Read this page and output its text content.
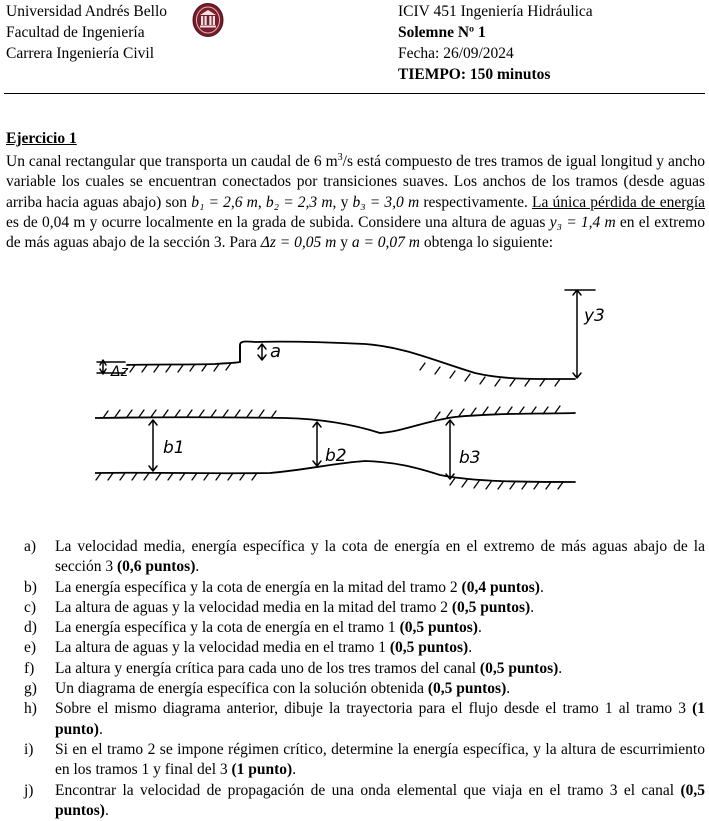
Universidad Andrés Bello
Facultad de Ingeniería
Carrera Ingeniería Civil
ICIV 451 Ingeniería Hidráulica
Solemne Nº 1
Fecha: 26/09/2024
TIEMPO: 150 minutos
Ejercicio 1
Un canal rectangular que transporta un caudal de 6 $m^3/s$ está compuesto de tres tramos de igual longitud y ancho variable los cuales se encuentran conectados por transiciones suaves. Los anchos de los tramos (desde aguas arriba hacia aguas abajo) son b₁ = 2,6 m, b₂ = 2,3 m, y b₃ = 3,0 m respectivamente. La única pérdida de energía es de 0,04 m y ocurre localmente en la grada de subida. Considere una altura de aguas y₃ = 1,4 m en el extremo de más aguas abajo de la sección 3. Para Δz = 0,05 m y a = 0,07 m obtenga lo siguiente:
a
Δz
y3
b1	b2	b3
a) La velocidad media, energía específica y la cota de energía en el extremo de más aguas abajo de la sección 3 (0,6 puntos).
b) La energía específica y la cota de energía en la mitad del tramo 2 (0,4 puntos).
c) La altura de aguas y la velocidad media en la mitad del tramo 2 (0,5 puntos).
d) La energía específica y la cota de energía en el tramo 1 (0,5 puntos).
e) La altura de aguas y la velocidad media en el tramo 1 (0,5 puntos).
f) La altura y energía crítica para cada uno de los tres tramos del canal (0,5 puntos).
g) Un diagrama de energía específica con la solución obtenida (0,5 puntos).
h) Sobre el mismo diagrama anterior, dibuje la trayectoria para el flujo desde el tramo 1 al tramo 3 (1 punto).
i) Si en el tramo 2 se impone régimen crítico, determine la energía específica, y la altura de escurrimiento en los tramos 1 y final del 3 (1 punto).
j) Encontrar la velocidad de propagación de una onda elemental que viaja en el tramo 3 el canal (0,5 puntos).
